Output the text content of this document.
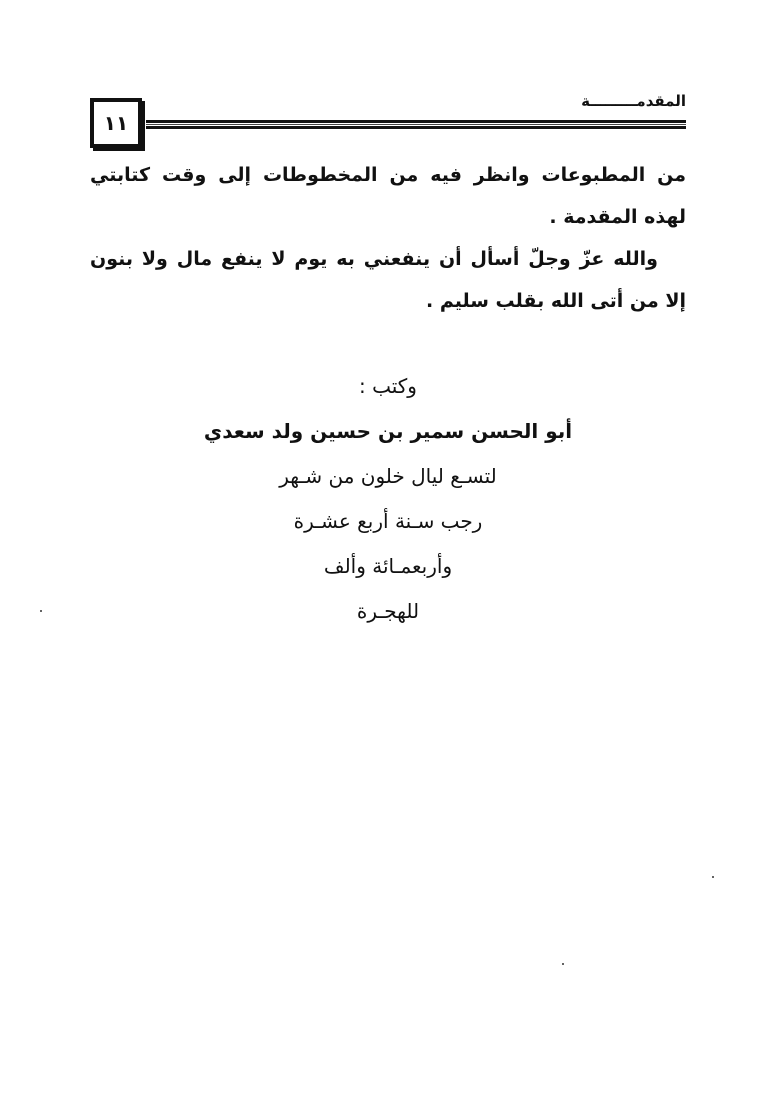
١١
المقدمـــــــــة

من المطبوعات وانظر فيه من المخطوطات إلى وقت كتابتي لهذه المقدمة .

والله عزّ وجلّ أسأل أن ينفعني به يوم لا ينفع مال ولا بنون إلا من أتى الله بقلب سليم .

وكتب :
أبو الحسن سمير بن حسين ولد سعدي
لتسـع ليال خلون من شـهر
رجب سـنة أربع عشـرة
وأربعمـائة وألف
للهجـرة
